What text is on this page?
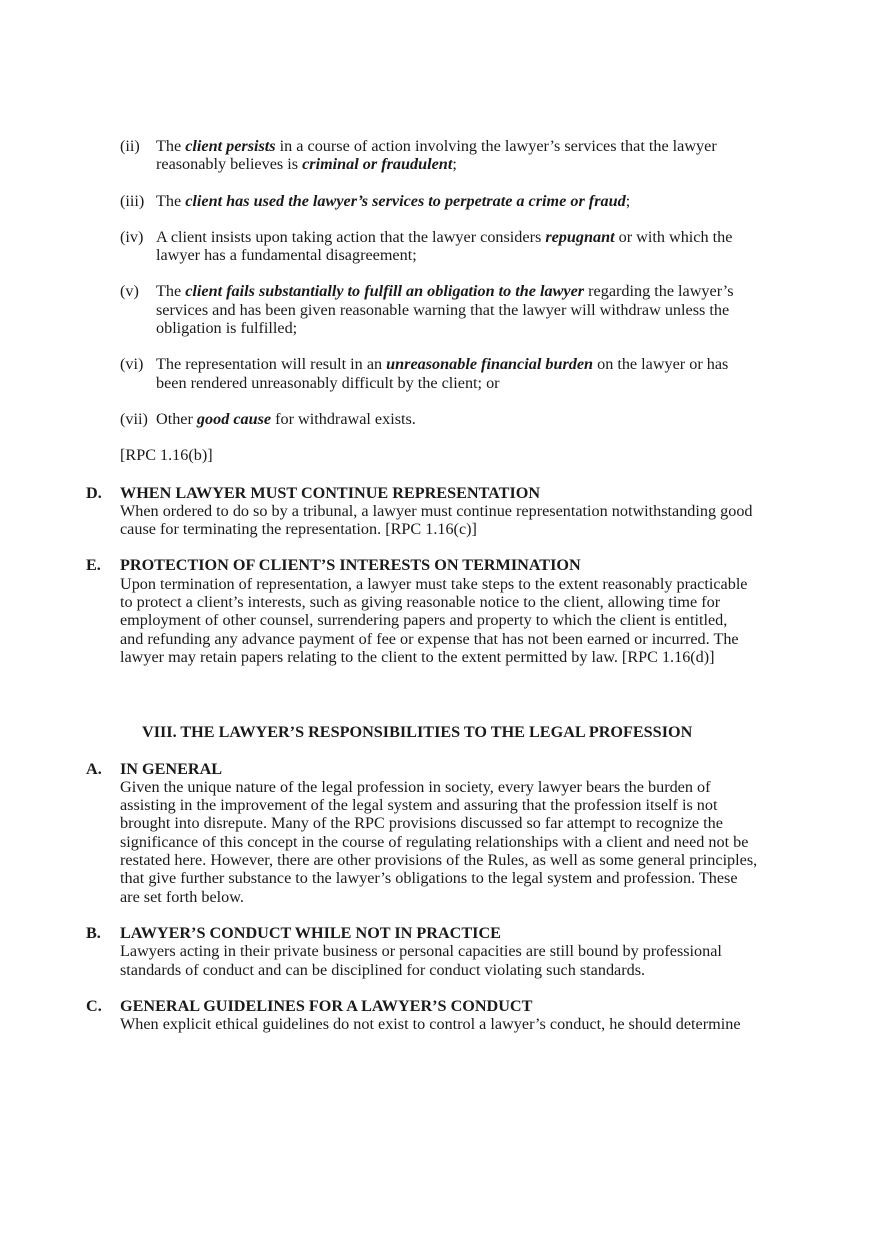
(ii) The client persists in a course of action involving the lawyer’s services that the lawyer
reasonably believes is criminal or fraudulent;
(iii) The client has used the lawyer’s services to perpetrate a crime or fraud;
(iv) A client insists upon taking action that the lawyer considers repugnant or with which the
lawyer has a fundamental disagreement;
(v) The client fails substantially to fulfill an obligation to the lawyer regarding the lawyer’s
services and has been given reasonable warning that the lawyer will withdraw unless the
obligation is fulfilled;
(vi) The representation will result in an unreasonable financial burden on the lawyer or has
been rendered unreasonably difficult by the client; or
(vii) Other good cause for withdrawal exists.
[RPC 1.16(b)]
D. WHEN LAWYER MUST CONTINUE REPRESENTATION
When ordered to do so by a tribunal, a lawyer must continue representation notwithstanding good
cause for terminating the representation. [RPC 1.16(c)]
E. PROTECTION OF CLIENT’S INTERESTS ON TERMINATION
Upon termination of representation, a lawyer must take steps to the extent reasonably practicable
to protect a client’s interests, such as giving reasonable notice to the client, allowing time for
employment of other counsel, surrendering papers and property to which the client is entitled,
and refunding any advance payment of fee or expense that has not been earned or incurred. The
lawyer may retain papers relating to the client to the extent permitted by law. [RPC 1.16(d)]
VIII. THE LAWYER’S RESPONSIBILITIES TO THE LEGAL PROFESSION
A. IN GENERAL
Given the unique nature of the legal profession in society, every lawyer bears the burden of
assisting in the improvement of the legal system and assuring that the profession itself is not
brought into disrepute. Many of the RPC provisions discussed so far attempt to recognize the
significance of this concept in the course of regulating relationships with a client and need not be
restated here. However, there are other provisions of the Rules, as well as some general principles,
that give further substance to the lawyer’s obligations to the legal system and profession. These
are set forth below.
B. LAWYER’S CONDUCT WHILE NOT IN PRACTICE
Lawyers acting in their private business or personal capacities are still bound by professional
standards of conduct and can be disciplined for conduct violating such standards.
C. GENERAL GUIDELINES FOR A LAWYER’S CONDUCT
When explicit ethical guidelines do not exist to control a lawyer’s conduct, he should determine
